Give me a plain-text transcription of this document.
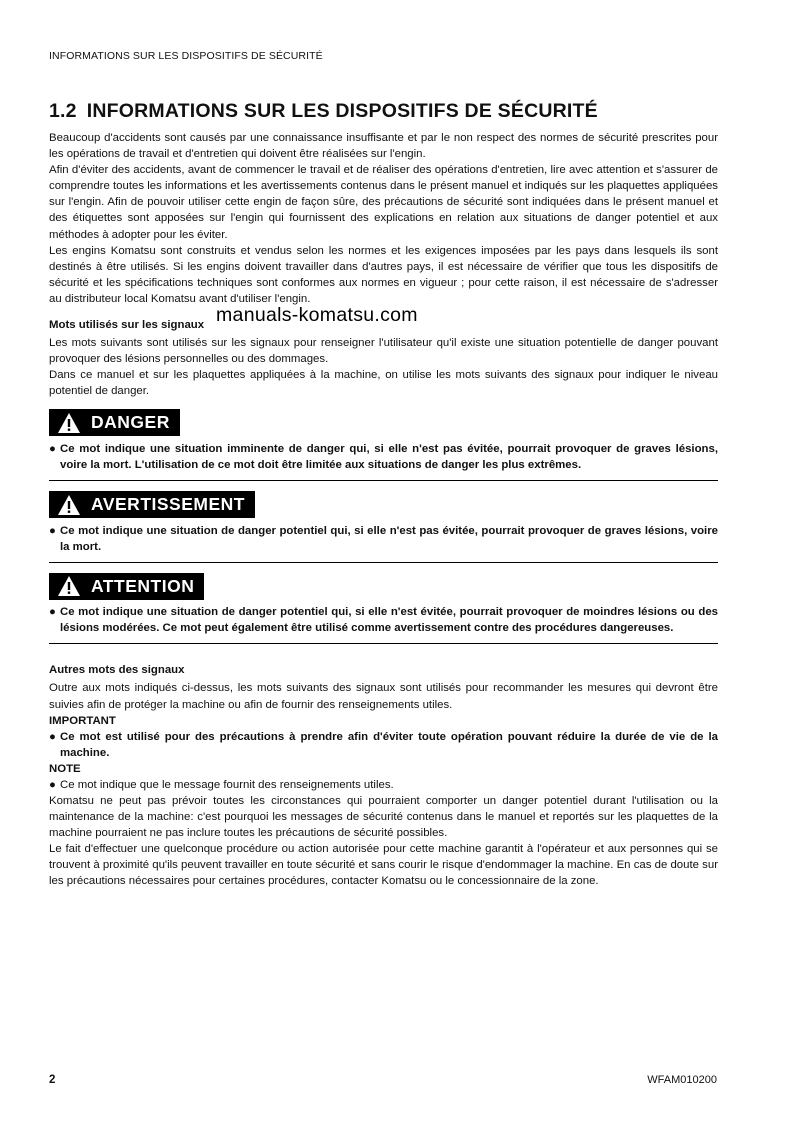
INFORMATIONS SUR LES DISPOSITIFS DE SÉCURITÉ
1.2 INFORMATIONS SUR LES DISPOSITIFS DE SÉCURITÉ

Beaucoup d'accidents sont causés par une connaissance insuffisante et par le non respect des normes de sécurité prescrites pour les opérations de travail et d'entretien qui doivent être réalisées sur l'engin.

Afin d'éviter des accidents, avant de commencer le travail et de réaliser des opérations d'entretien, lire avec attention et s'assurer de comprendre toutes les informations et les avertissements contenus dans le présent manuel et indiqués sur les plaquettes appliquées sur l'engin. Afin de pouvoir utiliser cette engin de façon sûre, des précautions de sécurité sont indiquées dans le présent manuel et des étiquettes sont apposées sur l'engin qui fournissent des explications en relation aux situations de danger potentiel et aux méthodes à adopter pour les éviter.

Les engins Komatsu sont construits et vendus selon les normes et les exigences imposées par les pays dans lesquels ils sont destinés à être utilisés. Si les engins doivent travailler dans d'autres pays, il est nécessaire de vérifier que tous les dispositifs de sécurité et les spécifications techniques sont conformes aux normes en vigueur ; pour cette raison, il est nécessaire de s'adresser au distributeur local Komatsu avant d'utiliser l'engin.

Mots utilisés sur les signaux

Les mots suivants sont utilisés sur les signaux pour renseigner l'utilisateur qu'il existe une situation potentielle de danger pouvant provoquer des lésions personnelles ou des dommages.

Dans ce manuel et sur les plaquettes appliquées à la machine, on utilise les mots suivants des signaux pour indiquer le niveau potentiel de danger.

DANGER
● Ce mot indique une situation imminente de danger qui, si elle n'est pas évitée, pourrait provoquer de graves lésions, voire la mort. L'utilisation de ce mot doit être limitée aux situations de danger les plus extrêmes.
AVERTISSEMENT
● Ce mot indique une situation de danger potentiel qui, si elle n'est pas évitée, pourrait provoquer de graves lésions, voire la mort.
ATTENTION
● Ce mot indique une situation de danger potentiel qui, si elle n'est évitée, pourrait provoquer de moindres lésions ou des lésions modérées. Ce mot peut également être utilisé comme avertissement contre des procédures dangereuses.
Autres mots des signaux

Outre aux mots indiqués ci-dessus, les mots suivants des signaux sont utilisés pour recommander les mesures qui devront être suivies afin de protéger la machine ou afin de fournir des renseignements utiles.

IMPORTANT
● Ce mot est utilisé pour des précautions à prendre afin d'éviter toute opération pouvant réduire la durée de vie de la machine.
NOTE
● Ce mot indique que le message fournit des renseignements utiles.

Komatsu ne peut pas prévoir toutes les circonstances qui pourraient comporter un danger potentiel durant l'utilisation ou la maintenance de la machine: c'est pourquoi les messages de sécurité contenus dans le manuel et reportés sur les plaquettes de la machine pourraient ne pas inclure toutes les précautions de sécurité possibles.

Le fait d'effectuer une quelconque procédure ou action autorisée pour cette machine garantit à l'opérateur et aux personnes qui se trouvent à proximité qu'ils peuvent travailler en toute sécurité et sans courir le risque d'endommager la machine. En cas de doute sur les précautions nécessaires pour certaines procédures, contacter Komatsu ou le concessionnaire de la zone.

manuals-komatsu.com
2	WFAM010200
